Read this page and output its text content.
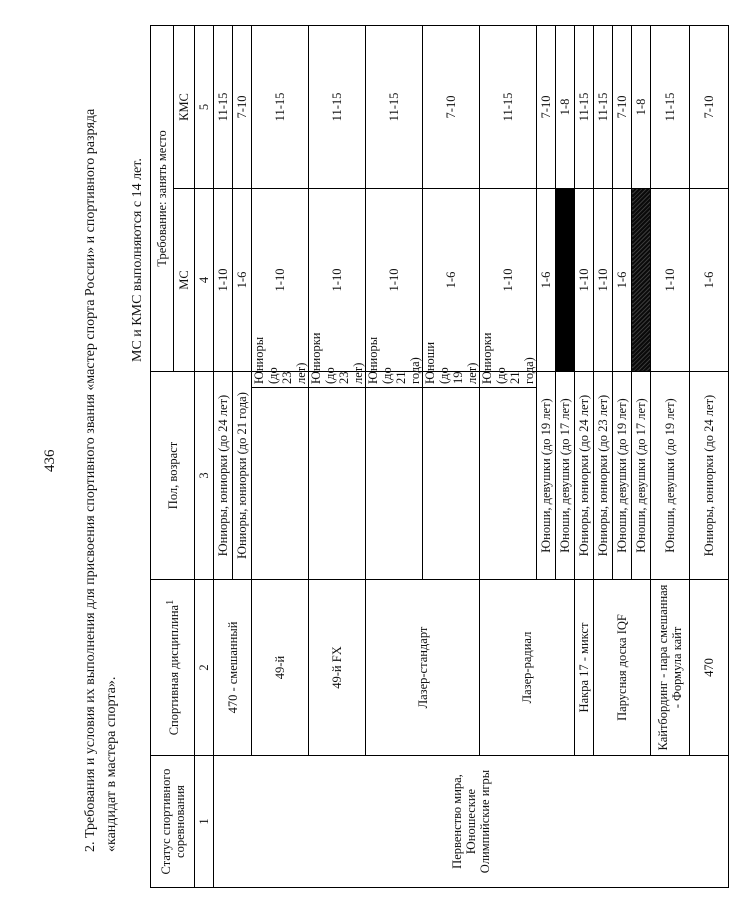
436 2. Требования и условия их выполнения для присвоения спортивного звания «мастер спорта России» и спортивного разряда «кандидат в мастера спорта».
МС и КМС выполняются с 14 лет.
Статус спортивного соревнования	Спортивная дисциплина$^1$	Пол, возраст		Требование: занять место	
				МС	КМС
1	2	3		4	5
Первенство мира, Юношеские Олимпийские игры	470 - смешанный	Юниоры, юниорки (до 24 лет)		1-10	11-15
		Юниоры, юниорки (до 21 года)		1-6	7-10
	49-й		Юниоры (до 23 лет)	1-10	11-15
	49-й FX		Юниорки (до 23 лет)	1-10	11-15
	Лазер-стандарт		Юниоры (до 21 года)	1-10	11-15
			Юноши (до 19 лет)	1-6	7-10
	Лазер-радиал		Юниорки (до 21 года)	1-10	11-15
		Юноши, девушки (до 19 лет)		1-6	7-10
		Юноши, девушки (до 17 лет)			1-8
	Накра 17 - микст	Юниоры, юниорки (до 24 лет)		1-10	11-15
	Парусная доска IQF	Юниоры, юниорки (до 23 лет)		1-10	11-15
		Юноши, девушки (до 19 лет)		1-6	7-10
		Юноши, девушки (до 17 лет)			1-8
	Кайтбординг - пара смешанная - Формула кайт	Юноши, девушки (до 19 лет)		1-10	11-15
	470	Юниоры, юниорки (до 24 лет)		1-6	7-10
